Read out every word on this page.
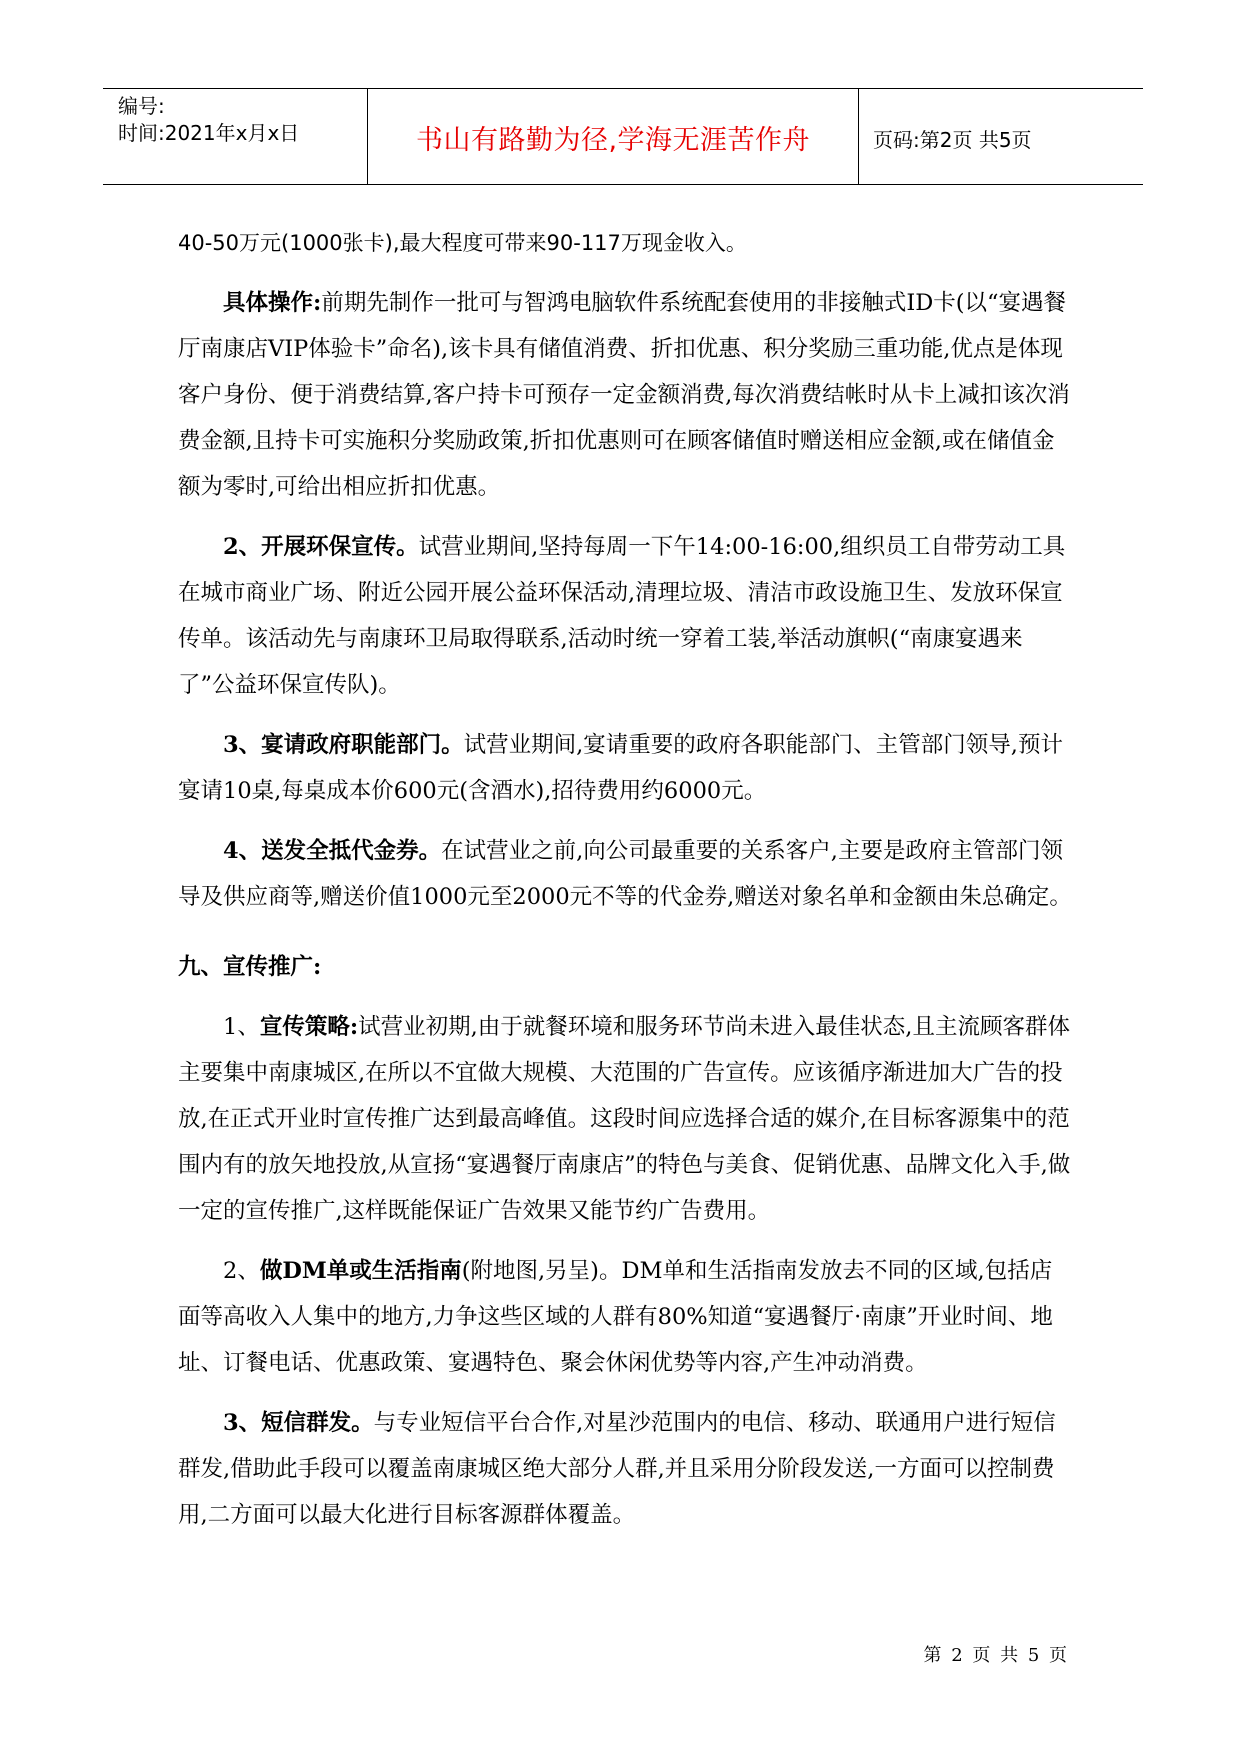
编号:
时间:2021年x月x日	书山有路勤为径,学海无涯苦作舟	页码:第2页 共5页

40-50万元(1000张卡),最大程度可带来90-117万现金收入。

具体操作:前期先制作一批可与智鸿电脑软件系统配套使用的非接触式ID卡(以“宴遇餐厅南康店VIP体验卡”命名),该卡具有储值消费、折扣优惠、积分奖励三重功能,优点是体现客户身份、便于消费结算,客户持卡可预存一定金额消费,每次消费结帐时从卡上减扣该次消费金额,且持卡可实施积分奖励政策,折扣优惠则可在顾客储值时赠送相应金额,或在储值金额为零时,可给出相应折扣优惠。

2、开展环保宣传。试营业期间,坚持每周一下午14:00-16:00,组织员工自带劳动工具在城市商业广场、附近公园开展公益环保活动,清理垃圾、清洁市政设施卫生、发放环保宣传单。该活动先与南康环卫局取得联系,活动时统一穿着工装,举活动旗帜(“南康宴遇来了”公益环保宣传队)。

3、宴请政府职能部门。试营业期间,宴请重要的政府各职能部门、主管部门领导,预计宴请10桌,每桌成本价600元(含酒水),招待费用约6000元。

4、送发全抵代金券。在试营业之前,向公司最重要的关系客户,主要是政府主管部门领导及供应商等,赠送价值1000元至2000元不等的代金券,赠送对象名单和金额由朱总确定。

九、宣传推广:

1、宣传策略:试营业初期,由于就餐环境和服务环节尚未进入最佳状态,且主流顾客群体主要集中南康城区,在所以不宜做大规模、大范围的广告宣传。应该循序渐进加大广告的投放,在正式开业时宣传推广达到最高峰值。这段时间应选择合适的媒介,在目标客源集中的范围内有的放矢地投放,从宣扬“宴遇餐厅南康店”的特色与美食、促销优惠、品牌文化入手,做一定的宣传推广,这样既能保证广告效果又能节约广告费用。

2、做DM单或生活指南(附地图,另呈)。DM单和生活指南发放去不同的区域,包括店面等高收入人集中的地方,力争这些区域的人群有80%知道“宴遇餐厅·南康”开业时间、地址、订餐电话、优惠政策、宴遇特色、聚会休闲优势等内容,产生冲动消费。

3、短信群发。与专业短信平台合作,对星沙范围内的电信、移动、联通用户进行短信群发,借助此手段可以覆盖南康城区绝大部分人群,并且采用分阶段发送,一方面可以控制费用,二方面可以最大化进行目标客源群体覆盖。

第 2 页 共 5 页
